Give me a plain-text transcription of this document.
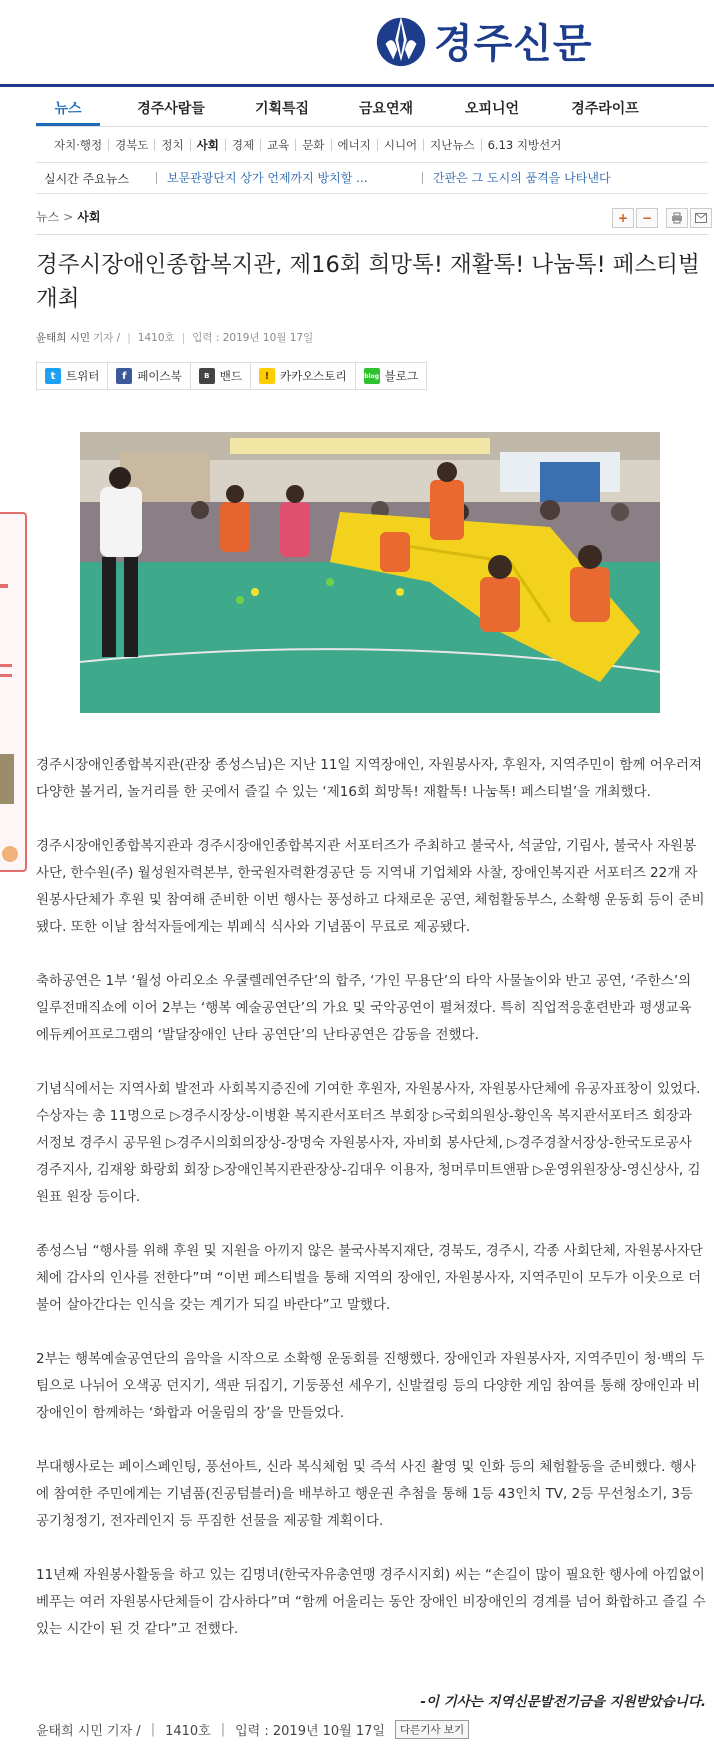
경주신문
뉴스	경주사람들	기획특집	금요연재	오피니언	경주라이프
자치·행정	경북도	정치	사회	경제	교육	문화	에너지	시니어	지난뉴스	6.13 지방선거
실시간 주요뉴스	보문관광단지 상가 언제까지 방치할 ...	간판은 그 도시의 품격을 나타낸다
뉴스 > 사회	+	−
경주시장애인종합복지관, 제16회 희망톡! 재활톡! 나눔톡! 페스티벌 개최
윤태희 시민 기자 / | 1410호 | 입력 : 2019년 10월 17일
t 트위터	f 페이스북	B 밴드	! 카카오스토리	blog 블로그

경주시장애인종합복지관(관장 종성스님)은 지난 11일 지역장애인, 자원봉사자, 후원자, 지역주민이 함께 어우러져 다양한 볼거리, 놀거리를 한 곳에서 즐길 수 있는 ‘제16회 희망톡! 재활톡! 나눔톡! 페스티벌’을 개최했다.

경주시장애인종합복지관과 경주시장애인종합복지관 서포터즈가 주최하고 불국사, 석굴암, 기림사, 불국사 자원봉사단, 한수원(주) 월성원자력본부, 한국원자력환경공단 등 지역내 기업체와 사찰, 장애인복지관 서포터즈 22개 자원봉사단체가 후원 및 참여해 준비한 이번 행사는 풍성하고 다채로운 공연, 체험활동부스, 소확행 운동회 등이 준비됐다. 또한 이날 참석자들에게는 뷔페식 식사와 기념품이 무료로 제공됐다.

축하공연은 1부 ‘월성 아리오소 우쿨렐레연주단’의 합주, ‘가인 무용단’의 타악 사물놀이와 반고 공연, ‘주한스’의 일루전매직쇼에 이어 2부는 ‘행복 예술공연단’의 가요 및 국악공연이 펼쳐졌다. 특히 직업적응훈련반과 평생교육 에듀케어프로그램의 ‘발달장애인 난타 공연단’의 난타공연은 감동을 전했다.

기념식에서는 지역사회 발전과 사회복지증진에 기여한 후원자, 자원봉사자, 자원봉사단체에 유공자표창이 있었다. 수상자는 총 11명으로 ▷경주시장상-이병환 복지관서포터즈 부회장 ▷국회의원상-황인옥 복지관서포터즈 회장과 서정보 경주시 공무원 ▷경주시의회의장상-장명숙 자원봉사자, 자비회 봉사단체, ▷경주경찰서장상-한국도로공사 경주지사, 김재왕 화랑회 회장 ▷장애인복지관관장상-김대우 이용자, 청머루미트앤팜 ▷운영위원장상-영신상사, 김원표 원장 등이다.

종성스님 “행사를 위해 후원 및 지원을 아끼지 않은 불국사복지재단, 경북도, 경주시, 각종 사회단체, 자원봉사자단체에 감사의 인사를 전한다”며 “이번 페스티벌을 통해 지역의 장애인, 자원봉사자, 지역주민이 모두가 이웃으로 더불어 살아간다는 인식을 갖는 계기가 되길 바란다”고 말했다.

2부는 행복예술공연단의 음악을 시작으로 소확행 운동회를 진행했다. 장애인과 자원봉사자, 지역주민이 청·백의 두 팀으로 나뉘어 오색공 던지기, 색판 뒤집기, 기둥풍선 세우기, 신발컬링 등의 다양한 게임 참여를 통해 장애인과 비장애인이 함께하는 ‘화합과 어울림의 장’을 만들었다.

부대행사로는 페이스페인팅, 풍선아트, 신라 복식체험 및 즉석 사진 촬영 및 인화 등의 체험활동을 준비했다. 행사에 참여한 주민에게는 기념품(진공텀블러)을 배부하고 행운권 추첨을 통해 1등 43인치 TV, 2등 무선청소기, 3등 공기청정기, 전자레인지 등 푸짐한 선물을 제공할 계획이다.

11년째 자원봉사활동을 하고 있는 김명녀(한국자유총연맹 경주시지회) 씨는 “손길이 많이 필요한 행사에 아낌없이 베푸는 여러 자원봉사단체들이 감사하다”며 “함께 어울리는 동안 장애인 비장애인의 경계를 넘어 화합하고 즐길 수 있는 시간이 된 것 같다”고 전했다.

-이 기사는 지역신문발전기금을 지원받았습니다.
윤태희 시민 기자 / | 1410호 | 입력 : 2019년 10월 17일	다른기사 보기
